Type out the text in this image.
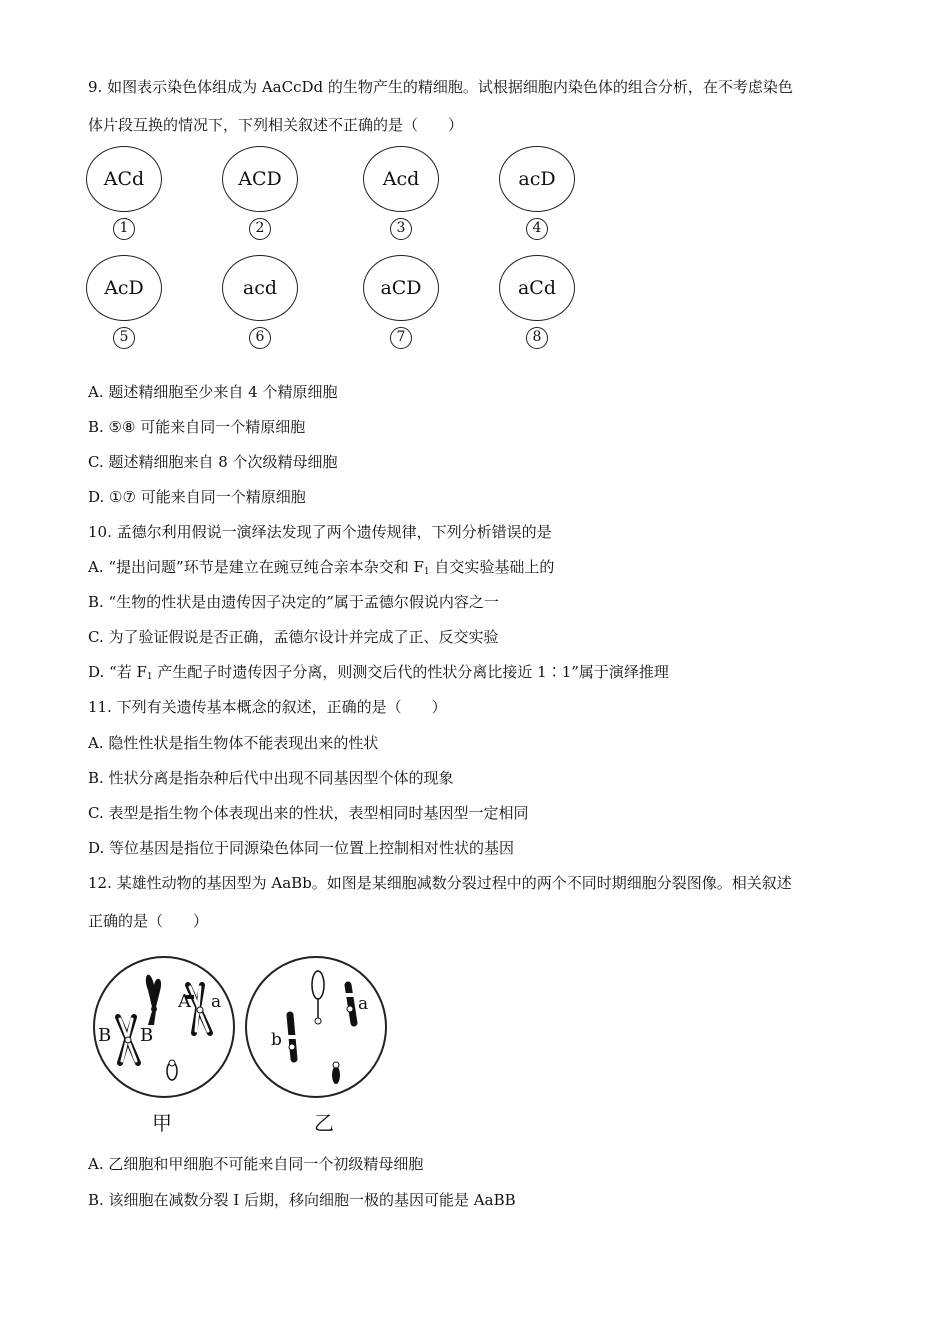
9. 如图表示染色体组成为 AaCcDd 的生物产生的精细胞。试根据细胞内染色体的组合分析，在不考虑染色
体片段互换的情况下，下列相关叙述不正确的是（　　）
ACd
1
ACD
2
Acd
3
acD
4
AcD
5
acd
6
aCD
7
aCd
8
A. 题述精细胞至少来自 4 个精原细胞
B. ⑤⑧ 可能来自同一个精原细胞
C. 题述精细胞来自 8 个次级精母细胞
D. ①⑦ 可能来自同一个精原细胞
10. 孟德尔利用假说一演绎法发现了两个遗传规律，下列分析错误的是
A. “提出问题”环节是建立在豌豆纯合亲本杂交和 $F_1$ 自交实验基础上的
B. “生物的性状是由遗传因子决定的”属于孟德尔假说内容之一
C. 为了验证假说是否正确，孟德尔设计并完成了正、反交实验
D. “若 $F_1$ 产生配子时遗传因子分离，则测交后代的性状分离比接近 1∶1”属于演绎推理
11. 下列有关遗传基本概念的叙述，正确的是（　　）
A. 隐性性状是指生物体不能表现出来的性状
B. 性状分离是指杂种后代中出现不同基因型个体的现象
C. 表型是指生物个体表现出来的性状，表型相同时基因型一定相同
D. 等位基因是指位于同源染色体同一位置上控制相对性状的基因
12. 某雄性动物的基因型为 AaBb。如图是某细胞减数分裂过程中的两个不同时期细胞分裂图像。相关叙述
正确的是（　　）
A a
B B
甲
a
b
乙
A. 乙细胞和甲细胞不可能来自同一个初级精母细胞
B. 该细胞在减数分裂 I 后期，移向细胞一极的基因可能是 AaBB
